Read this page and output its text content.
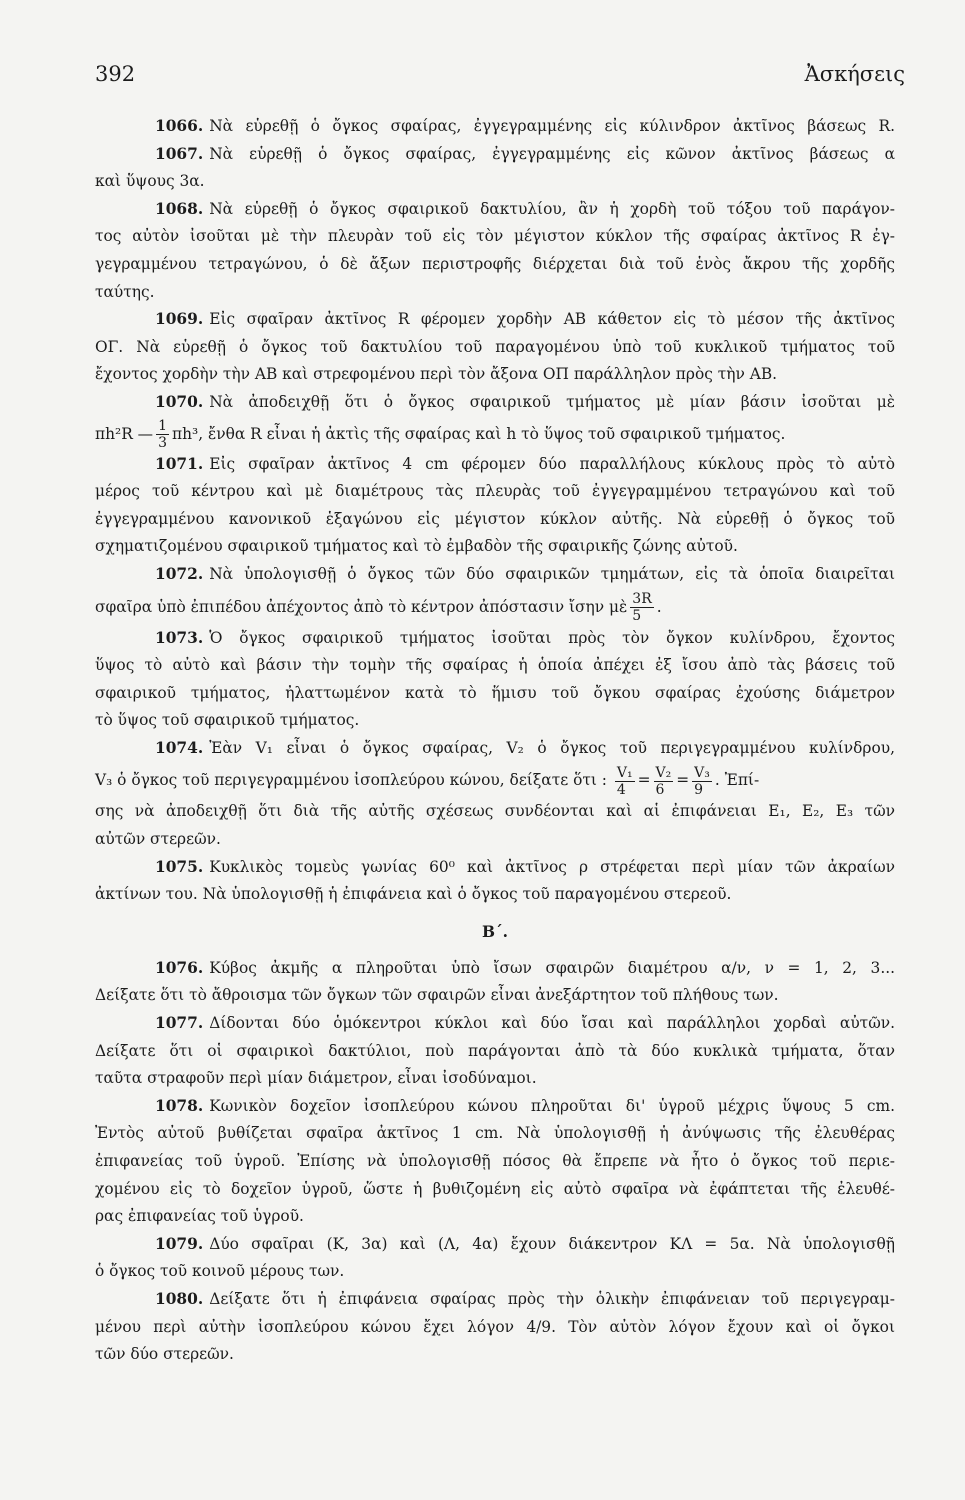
392	Ἀσκήσεις
1066. Νὰ εὑρεθῇ ὁ ὄγκος σφαίρας, ἐγγεγραμμένης εἰς κύλινδρον ἀκτῖνος βάσεως R.
1067. Νὰ εὑρεθῇ ὁ ὄγκος σφαίρας, ἐγγεγραμμένης εἰς κῶνον ἀκτῖνος βάσεως α
καὶ ὕψους 3α.
1068. Νὰ εὑρεθῇ ὁ ὄγκος σφαιρικοῦ δακτυλίου, ἂν ἡ χορδὴ τοῦ τόξου τοῦ παράγον-
τος αὐτὸν ἰσοῦται μὲ τὴν πλευρὰν τοῦ εἰς τὸν μέγιστον κύκλον τῆς σφαίρας ἀκτῖνος R ἐγ-
γεγραμμένου τετραγώνου, ὁ δὲ ἄξων περιστροφῆς διέρχεται διὰ τοῦ ἑνὸς ἄκρου τῆς χορδῆς
ταύτης.
1069. Εἰς σφαῖραν ἀκτῖνος R φέρομεν χορδὴν ΑΒ κάθετον εἰς τὸ μέσον τῆς ἀκτῖνος
ΟΓ. Νὰ εὑρεθῇ ὁ ὄγκος τοῦ δακτυλίου τοῦ παραγομένου ὑπὸ τοῦ κυκλικοῦ τμήματος τοῦ
ἔχοντος χορδὴν τὴν ΑΒ καὶ στρεφομένου περὶ τὸν ἄξονα ΟΠ παράλληλον πρὸς τὴν ΑΒ.
1070. Νὰ ἀποδειχθῇ ὅτι ὁ ὄγκος σφαιρικοῦ τμήματος μὲ μίαν βάσιν ἰσοῦται μὲ
πh²R — $\frac{1}{3} \pi h^3$, ἔνθα R εἶναι ἡ ἀκτὶς τῆς σφαίρας καὶ h τὸ ὕψος τοῦ σφαιρικοῦ τμήματος.
1071. Εἰς σφαῖραν ἀκτῖνος 4 cm φέρομεν δύο παραλλήλους κύκλους πρὸς τὸ αὐτὸ
μέρος τοῦ κέντρου καὶ μὲ διαμέτρους τὰς πλευρὰς τοῦ ἐγγεγραμμένου τετραγώνου καὶ τοῦ
ἐγγεγραμμένου κανονικοῦ ἑξαγώνου εἰς μέγιστον κύκλον αὐτῆς. Νὰ εὑρεθῇ ὁ ὄγκος τοῦ
σχηματιζομένου σφαιρικοῦ τμήματος καὶ τὸ ἐμβαδὸν τῆς σφαιρικῆς ζώνης αὐτοῦ.
1072. Νὰ ὑπολογισθῇ ὁ ὄγκος τῶν δύο σφαιρικῶν τμημάτων, εἰς τὰ ὁποῖα διαιρεῖται
σφαῖρα ὑπὸ ἐπιπέδου ἀπέχοντος ἀπὸ τὸ κέντρον ἀπόστασιν ἴσην μὲ $\frac{3R}{5}$ .
1073. Ὁ ὄγκος σφαιρικοῦ τμήματος ἰσοῦται πρὸς τὸν ὄγκον κυλίνδρου, ἔχοντος
ὕψος τὸ αὐτὸ καὶ βάσιν τὴν τομὴν τῆς σφαίρας ἡ ὁποία ἀπέχει ἐξ ἴσου ἀπὸ τὰς βάσεις τοῦ
σφαιρικοῦ τμήματος, ἠλαττωμένον κατὰ τὸ ἥμισυ τοῦ ὄγκου σφαίρας ἐχούσης διάμετρον
τὸ ὕψος τοῦ σφαιρικοῦ τμήματος.
1074. Ἐὰν V₁ εἶναι ὁ ὄγκος σφαίρας, V₂ ὁ ὄγκος τοῦ περιγεγραμμένου κυλίνδρου,
V₃ ὁ ὄγκος τοῦ περιγεγραμμένου ἰσοπλεύρου κώνου, δείξατε ὅτι : $\frac{\text{V₁}}{4} = \frac{\text{V₂}}{6} = \frac{\text{V₃}}{9}$ . Ἐπί-
σης νὰ ἀποδειχθῇ ὅτι διὰ τῆς αὐτῆς σχέσεως συνδέονται καὶ αἱ ἐπιφάνειαι E₁, E₂, E₃ τῶν
αὐτῶν στερεῶν.
1075. Κυκλικὸς τομεὺς γωνίας 60⁰ καὶ ἀκτῖνος ρ στρέφεται περὶ μίαν τῶν ἀκραίων
ἀκτίνων του. Νὰ ὑπολογισθῇ ἡ ἐπιφάνεια καὶ ὁ ὄγκος τοῦ παραγομένου στερεοῦ.
Β΄.
1076. Κύβος ἀκμῆς α πληροῦται ὑπὸ ἴσων σφαιρῶν διαμέτρου α/ν, ν = 1, 2, 3...
Δείξατε ὅτι τὸ ἄθροισμα τῶν ὄγκων τῶν σφαιρῶν εἶναι ἀνεξάρτητον τοῦ πλήθους των.
1077. Δίδονται δύο ὁμόκεντροι κύκλοι καὶ δύο ἴσαι καὶ παράλληλοι χορδαὶ αὐτῶν.
Δείξατε ὅτι οἱ σφαιρικοὶ δακτύλιοι, ποὺ παράγονται ἀπὸ τὰ δύο κυκλικὰ τμήματα, ὅταν
ταῦτα στραφοῦν περὶ μίαν διάμετρον, εἶναι ἰσοδύναμοι.
1078. Κωνικὸν δοχεῖον ἰσοπλεύρου κώνου πληροῦται δι' ὑγροῦ μέχρις ὕψους 5 cm.
Ἐντὸς αὐτοῦ βυθίζεται σφαῖρα ἀκτῖνος 1 cm. Νὰ ὑπολογισθῇ ἡ ἀνύψωσις τῆς ἐλευθέρας
ἐπιφανείας τοῦ ὑγροῦ. Ἐπίσης νὰ ὑπολογισθῇ πόσος θὰ ἔπρεπε νὰ ἦτο ὁ ὄγκος τοῦ περιε-
χομένου εἰς τὸ δοχεῖον ὑγροῦ, ὥστε ἡ βυθιζομένη εἰς αὐτὸ σφαῖρα νὰ ἐφάπτεται τῆς ἐλευθέ-
ρας ἐπιφανείας τοῦ ὑγροῦ.
1079. Δύο σφαῖραι (Κ, 3α) καὶ (Λ, 4α) ἔχουν διάκεντρον ΚΛ = 5α. Νὰ ὑπολογισθῇ
ὁ ὄγκος τοῦ κοινοῦ μέρους των.
1080. Δείξατε ὅτι ἡ ἐπιφάνεια σφαίρας πρὸς τὴν ὁλικὴν ἐπιφάνειαν τοῦ περιγεγραμ-
μένου περὶ αὐτὴν ἰσοπλεύρου κώνου ἔχει λόγον 4/9. Τὸν αὐτὸν λόγον ἔχουν καὶ οἱ ὄγκοι
τῶν δύο στερεῶν.
